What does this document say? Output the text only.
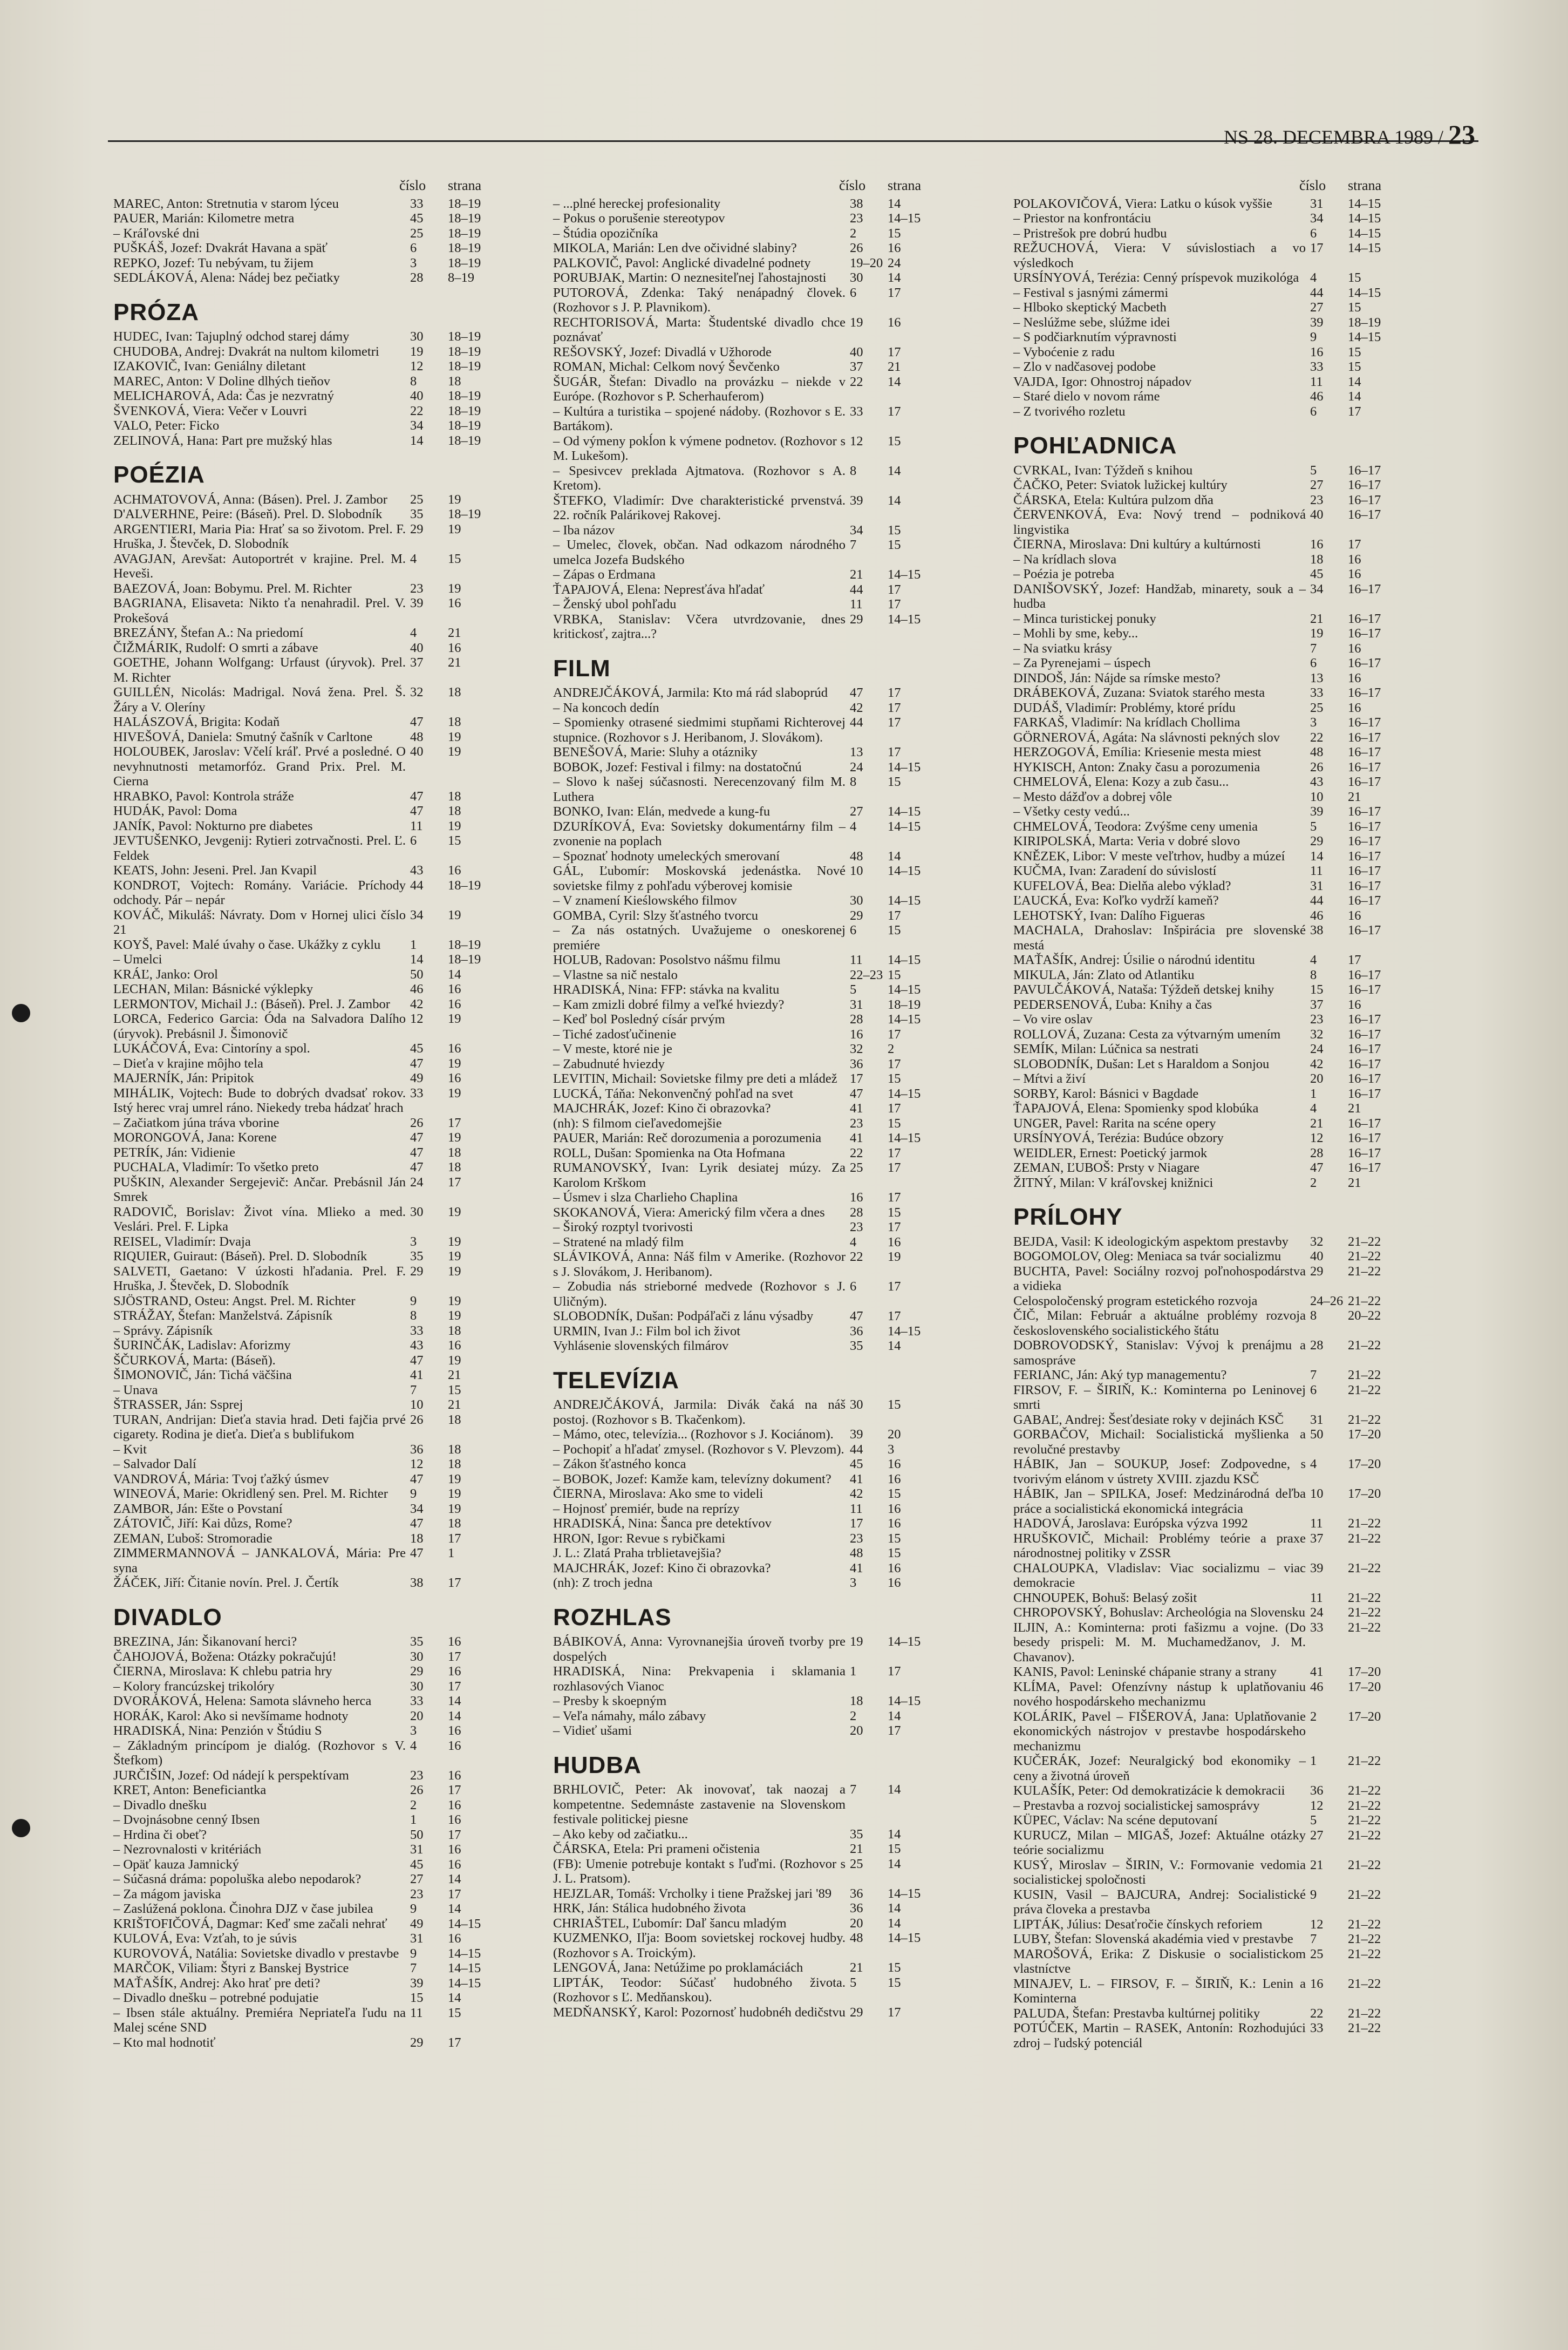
NS 28. DECEMBRA 1989 / 23
číslo	strana
MAREC, Anton: Stretnutia v starom lýceu	33	18–19
PAUER, Marián: Kilometre metra	45	18–19
– Kráľovské dni	25	18–19
PUŠKÁŠ, Jozef: Dvakrát Havana a späť	6	18–19
REPKO, Jozef: Tu nebývam, tu žijem	3	18–19
SEDLÁKOVÁ, Alena: Nádej bez pečiatky	28	8–19
PRÓZA
HUDEC, Ivan: Tajuplný odchod starej dámy	30	18–19
CHUDOBA, Andrej: Dvakrát na nultom kilometri	19	18–19
IZAKOVIČ, Ivan: Geniálny diletant	12	18–19
MAREC, Anton: V Doline dlhých tieňov	8	18
MELICHAROVÁ, Ada: Čas je nezvratný	40	18–19
ŠVENKOVÁ, Viera: Večer v Louvri	22	18–19
VALO, Peter: Ficko	34	18–19
ZELINOVÁ, Hana: Part pre mužský hlas	14	18–19
POÉZIA
ACHMATOVOVÁ, Anna: (Básen). Prel. J. Zambor	25	19
D'ALVERHNE, Peire: (Báseň). Prel. D. Slobodník	35	18–19
ARGENTIERI, Maria Pia: Hrať sa so životom. Prel. F. Hruška, J. Števček, D. Slobodník
29	19
AVAGJAN, Arevšat: Autoportrét v krajine. Prel. M. Heveši.
4	15
BAEZOVÁ, Joan: Bobymu. Prel. M. Richter	23	19
BAGRIANA, Elisaveta: Nikto ťa nenahradil. Prel. V. Prokešová
39	16
BREZÁNY, Štefan A.: Na priedomí	4	21
ČIŽMÁRIK, Rudolf: O smrti a zábave	40	16
GOETHE, Johann Wolfgang: Urfaust (úryvok). Prel. M. Richter
37	21
GUILLÉN, Nicolás: Madrigal. Nová žena. Prel. Š. Žáry a V. Oleríny
32	18
HALÁSZOVÁ, Brigita: Kodaň	47	18
HIVEŠOVÁ, Daniela: Smutný čašník v Carltone	48	19
HOLOUBEK, Jaroslav: Včelí kráľ. Prvé a posledné. O nevyhnutnosti metamorfóz. Grand Prix. Prel. M. Cierna
40	19
HRABKO, Pavol: Kontrola stráže	47	18
HUDÁK, Pavol: Doma	47	18
JANÍK, Pavol: Nokturno pre diabetes	11	19
JEVTUŠENKO, Jevgenij: Rytieri zotrvačnosti. Prel. Ľ. Feldek
6	15
KEATS, John: Jeseni. Prel. Jan Kvapil	43	16
KONDROT, Vojtech: Romány. Variácie. Príchody odchody. Pár – nepár
44	18–19
KOVÁČ, Mikuláš: Návraty. Dom v Hornej ulici číslo 21
34	19
KOYŠ, Pavel: Malé úvahy o čase. Ukážky z cyklu	1	18–19
– Umelci	14	18–19
KRÁĽ, Janko: Orol	50	14
LECHAN, Milan: Básnické výklepky	46	16
LERMONTOV, Michail J.: (Báseň). Prel. J. Zambor	42	16
LORCA, Federico Garcia: Óda na Salvadora Dalího (úryvok). Prebásnil J. Šimonovič
12	19
LUKÁČOVÁ, Eva: Cintoríny a spol.	45	16
– Dieťa v krajine môjho tela	47	19
MAJERNÍK, Ján: Pripitok	49	16
MIHÁLIK, Vojtech: Bude to dobrých dvadsať rokov. Istý herec vraj umrel ráno. Niekedy treba hádzať hrach
33	19
– Začiatkom júna tráva vborine	26	17
MORONGOVÁ, Jana: Korene	47	19
PETRÍK, Ján: Vidienie	47	18
PUCHALA, Vladimír: To všetko preto	47	18
PUŠKIN, Alexander Sergejevič: Ančar. Prebásnil Ján Smrek
24	17
RADOVIČ, Borislav: Život vína. Mlieko a med. Veslári. Prel. F. Lipka
30	19
REISEL, Vladimír: Dvaja	3	19
RIQUIER, Guiraut: (Báseň). Prel. D. Slobodník	35	19
SALVETI, Gaetano: V úzkosti hľadania. Prel. F. Hruška, J. Števček, D. Slobodník
29	19
SJÖSTRAND, Osteu: Angst. Prel. M. Richter	9	19
STRÁŽAY, Štefan: Manželstvá. Zápisník	8	19
– Správy. Zápisník	33	18
ŠURINČÁK, Ladislav: Aforizmy	43	16
ŠČURKOVÁ, Marta: (Báseň).	47	19
ŠIMONOVIČ, Ján: Tichá väčšina	41	21
– Unava	7	15
ŠTRASSER, Ján: Ssprej	10	21
TURAN, Andrijan: Dieťa stavia hrad. Deti fajčia prvé cigarety. Rodina je dieťa. Dieťa s bublifukom
26	18
– Kvit	36	18
– Salvador Dalí	12	18
VANDROVÁ, Mária: Tvoj ťažký úsmev	47	19
WINEOVÁ, Marie: Okridlený sen. Prel. M. Richter	9	19
ZAMBOR, Ján: Ešte o Povstaní	34	19
ZÁTOVIČ, Jiří: Kai důzs, Rome?	47	18
ZEMAN, Ľuboš: Stromoradie	18	17
ZIMMERMANNOVÁ – JANKALOVÁ, Mária: Pre syna
47	1
ŽÁČEK, Jiří: Čitanie novín. Prel. J. Čertík	38	17
DIVADLO
BREZINA, Ján: Šikanovaní herci?	35	16
ČAHOJOVÁ, Božena: Otázky pokračujú!	30	17
ČIERNA, Miroslava: K chlebu patria hry	29	16
– Kolory francúzskej trikolóry	30	17
DVORÁKOVÁ, Helena: Samota slávneho herca	33	14
HORÁK, Karol: Ako si nevšímame hodnoty	20	14
HRADISKÁ, Nina: Penzión v Štúdiu S	3	16
– Základným princípom je dialóg. (Rozhovor s V. Štefkom)
4	16
JURČIŠIN, Jozef: Od nádejí k perspektívam	23	16
KRET, Anton: Beneficiantka	26	17
– Divadlo dnešku	2	16
– Dvojnásobne cenný Ibsen	1	16
– Hrdina či obeť?	50	17
– Nezrovnalosti v kritériách	31	16
– Opäť kauza Jamnický	45	16
– Súčasná dráma: popoluška alebo nepodarok?	27	14
– Za mágom javiska	23	17
– Zaslúžená poklona. Činohra DJZ v čase jubilea	9	14
KRIŠTOFIČOVÁ, Dagmar: Keď sme začali nehrať	49	14–15
KULOVÁ, Eva: Vzťah, to je súvis	31	16
KUROVOVÁ, Natália: Sovietske divadlo v prestavbe 9	14–15
MARČOK, Viliam: Štyri z Banskej Bystrice	7	14–15
MAŤAŠÍK, Andrej: Ako hrať pre deti?	39	14–15
– Divadlo dnešku – potrebné podujatie	15	14
– Ibsen stále aktuálny. Premiéra Nepriateľa ľudu na Malej scéne SND
11	15
– Kto mal hodnotiť	29	17
číslo	strana
– ...plné hereckej profesionality	38	14
– Pokus o porušenie stereotypov	23	14–15
– Štúdia opozičníka	2	15
MIKOLA, Marián: Len dve očividné slabiny?	26	16
PALKOVIČ, Pavol: Anglické divadelné podnety	19–20 24
PORUBJAK, Martin: O neznesiteľnej ľahostajnosti	30	14
PUTOROVÁ, Zdenka: Taký nenápadný človek. (Rozhovor s J. P. Plavnikom).
6	17
RECHTORISOVÁ, Marta: Študentské divadlo chce poznávať
19	16
REŠOVSKÝ, Jozef: Divadlá v Užhorode	40	17
ROMAN, Michal: Celkom nový Ševčenko	37	21
ŠUGÁR, Štefan: Divadlo na provázku – niekde v Európe. (Rozhovor s P. Scherhauferom)
22	14
– Kultúra a turistika – spojené nádoby. (Rozhovor s E. Bartákom).
33	17
– Od výmeny pokĺon k výmene podnetov. (Rozhovor s M. Lukešom).
12	15
– Spesivcev preklada Ajtmatova. (Rozhovor s A. Kretom).
8	14
ŠTEFKO, Vladimír: Dve charakteristické prvenstvá. 22. ročník Palárikovej Rakovej.
39	14
– Iba názov	34	15
– Umelec, človek, občan. Nad odkazom národného umelca Jozefa Budského
7	15
– Zápas o Erdmana	21	14–15
ŤAPAJOVÁ, Elena: Nepresťáva hľadať	44	17
– Ženský ubol pohľadu	11	17
VRBKA, Stanislav: Včera utvrdzovanie, dnes kritickosť, zajtra...?
29	14–15
FILM
ANDREJČÁKOVÁ, Jarmila: Kto má rád slaboprúd	47	17
– Na koncoch dedín	42	17
– Spomienky otrasené siedmimi stupňami Richterovej stupnice. (Rozhovor s J. Heribanom, J. Slovákom).
44	17
BENEŠOVÁ, Marie: Sluhy a otázniky	13	17
BOBOK, Jozef: Festival i filmy: na dostatočnú	24	14–15
– Slovo k našej súčasnosti. Nerecenzovaný film M. Luthera
8	15
BONKO, Ivan: Elán, medvede a kung-fu	27	14–15
DZURÍKOVÁ, Eva: Sovietsky dokumentárny film – zvonenie na poplach
4	14–15
– Spoznať hodnoty umeleckých smerovaní	48	14
GÁL, Ľubomír: Moskovská jedenástka. Nové sovietske filmy z pohľadu výberovej komisie
10	14–15
– V znamení Kieślowského filmov	30	14–15
GOMBA, Cyril: Slzy šťastného tvorcu	29	17
– Za nás ostatných. Uvažujeme o oneskorenej premiére
6	15
HOLUB, Radovan: Posolstvo nášmu filmu	11	14–15
– Vlastne sa nič nestalo	22–23 15
HRADISKÁ, Nina: FFP: stávka na kvalitu	5	14–15
– Kam zmizli dobré filmy a veľké hviezdy?	31	18–19
– Keď bol Posledný císár prvým	28	14–15
– Tiché zadosťučinenie	16	17
– V meste, ktoré nie je	32	2
– Zabudnuté hviezdy	36	17
LEVITIN, Michail: Sovietske filmy pre deti a mládež 17	15
LUCKÁ, Táňa: Nekonvenčný pohľad na svet	47	14–15
MAJCHRÁK, Jozef: Kino či obrazovka?	41	17
(nh): S filmom cieľavedomejšie	23	15
PAUER, Marián: Reč dorozumenia a porozumenia	41	14–15
ROLL, Dušan: Spomienka na Ota Hofmana	22	17
RUMANOVSKÝ, Ivan: Lyrik desiatej múzy. Za Karolom Krškom
25	17
– Úsmev i slza Charlieho Chaplina	16	17
SKOKANOVÁ, Viera: Americký film včera a dnes	28	15
– Široký rozptyl tvorivosti	23	17
– Stratené na mladý film	4	16
SLÁVIKOVÁ, Anna: Náš film v Amerike. (Rozhovor s J. Slovákom, J. Heribanom).
22	19
– Zobudia nás strieborné medvede (Rozhovor s J. Uličným).
6	17
SLOBODNÍK, Dušan: Podpáľači z lánu výsadby	47	17
URMIN, Ivan J.: Film bol ich život	36	14–15
Vyhlásenie slovenských filmárov	35	14
TELEVÍZIA
ANDREJČÁKOVÁ, Jarmila: Divák čaká na náš postoj. (Rozhovor s B. Tkačenkom).
30	15
– Mámo, otec, televízia... (Rozhovor s J. Kociánom).	39	20
– Pochopiť a hľadať zmysel. (Rozhovor s V. Plevzom). 44	3
– Zákon šťastného konca	45	16
– BOBOK, Jozef: Kamže kam, televízny dokument?	41	16
ČIERNA, Miroslava: Ako sme to videli	42	15
– Hojnosť premiér, bude na reprízy	11	16
HRADISKÁ, Nina: Šanca pre detektívov	17	16
HRON, Igor: Revue s rybičkami	23	15
J. L.: Zlatá Praha trblietavejšia?	48	15
MAJCHRÁK, Jozef: Kino či obrazovka?	41	16
(nh): Z troch jedna	3	16
ROZHLAS
BÁBIKOVÁ, Anna: Vyrovnanejšia úroveň tvorby pre dospelých
19	14–15
HRADISKÁ, Nina: Prekvapenia i sklamania rozhlasových Vianoc
1	17
– Presby k skoepným	18	14–15
– Veľa námahy, málo zábavy	2	14
– Vidieť ušami	20	17
HUDBA
BRHLOVIČ, Peter: Ak inovovať, tak naozaj a kompetentne. Sedemnáste zastavenie na Slovenskom festivale politickej piesne
7	14
– Ako keby od začiatku...	35	14
ČÁRSKA, Etela: Pri prameni očistenia	21	15
(FB): Umenie potrebuje kontakt s ľuďmi. (Rozhovor s J. L. Pratsom).
25	14
HEJZLAR, Tomáš: Vrcholky i tiene Pražskej jari '89	36	14–15
HRK, Ján: Stálica hudobného života	36	14
CHRIAŠTEL, Ľubomír: Daľ šancu mladým	20	14
KUZMENKO, Iľja: Boom sovietskej rockovej hudby. (Rozhovor s A. Troickým).
48	14–15
LENGOVÁ, Jana: Netúžime po proklamáciách	21	15
LIPTÁK, Teodor: Súčasť hudobného života. (Rozhovor s Ľ. Medňanskou).
5	15
MEDŇANSKÝ, Karol: Pozornosť hudobnéh dedičstvu 29	17
číslo	strana
POLAKOVIČOVÁ, Viera: Latku o kúsok vyššie	31	14–15
– Priestor na konfrontáciu	34	14–15
– Pristrešok pre dobrú hudbu	6	14–15
REŽUCHOVÁ, Viera: V súvislostiach a vo výsledkoch
17	14–15
URSÍNYOVÁ, Terézia: Cenný príspevok muzikológa 4	15
– Festival s jasnými zámermi	44	14–15
– Hlboko skeptický Macbeth	27	15
– Neslúžme sebe, slúžme idei	39	18–19
– S podčiarknutím výpravnosti	9	14–15
– Vyboćenie z radu	16	15
– Zlo v nadčasovej podobe	33	15
VAJDA, Igor: Ohnostroj nápadov	11	14
– Staré dielo v novom ráme	46	14
– Z tvorivého rozletu	6	17
POHĽADNICA
CVRKAL, Ivan: Týždeň s knihou	5	16–17
ČAČKO, Peter: Sviatok lužickej kultúry	27	16–17
ČÁRSKA, Etela: Kultúra pulzom dňa	23	16–17
ČERVENKOVÁ, Eva: Nový trend – podniková lingvistika
40	16–17
ČIERNA, Miroslava: Dni kultúry a kultúrnosti	16	17
– Na krídlach slova	18	16
– Poézia je potreba	45	16
DANIŠOVSKÝ, Jozef: Handžab, minarety, souk a – hudba
34	16–17
– Minca turistickej ponuky	21	16–17
– Mohli by sme, keby...	19	16–17
– Na sviatku krásy	7	16
– Za Pyrenejami – úspech	6	16–17
DINDOŠ, Ján: Nájde sa rímske mesto?	13	16
DRÁBEKOVÁ, Zuzana: Sviatok starého mesta	33	16–17
DUDÁŠ, Vladimír: Problémy, ktoré prídu	25	16
FARKAŠ, Vladimír: Na krídlach Chollima	3	16–17
GÖRNEROVÁ, Agáta: Na slávnosti pekných slov	22	16–17
HERZOGOVÁ, Emília: Kriesenie mesta miest	48	16–17
HYKISCH, Anton: Znaky času a porozumenia	26	16–17
CHMELOVÁ, Elena: Kozy a zub času...	43	16–17
– Mesto dážďov a dobrej vôle	10	21
– Všetky cesty vedú...	39	16–17
CHMELOVÁ, Teodora: Zvýšme ceny umenia	5	16–17
KIRIPOLSKÁ, Marta: Veria v dobré slovo	29	16–17
KNĚZEK, Libor: V meste veľtrhov, hudby a múzeí	14	16–17
KUČMA, Ivan: Zaradení do súvislostí	11	16–17
KUFELOVÁ, Bea: Dielňa alebo výklad?	31	16–17
ĽAUCKÁ, Eva: Koľko vydrží kameň?	44	16–17
LEHOTSKÝ, Ivan: Dalího Figueras	46	16
MACHALA, Drahoslav: Inšpirácia pre slovenské mestá
38	16–17
MAŤAŠÍK, Andrej: Úsilie o národnú identitu	4	17
MIKULA, Ján: Zlato od Atlantiku	8	16–17
PAVULČÁKOVÁ, Nataša: Týždeň detskej knihy	15	16–17
PEDERSENOVÁ, Ľuba: Knihy a čas	37	16
– Vo vire oslav	23	16–17
ROLLOVÁ, Zuzana: Cesta za výtvarným umením	32	16–17
SEMÍK, Milan: Lúčnica sa nestrati	24	16–17
SLOBODNÍK, Dušan: Let s Haraldom a Sonjou	42	16–17
– Mŕtvi a živí	20	16–17
SORBY, Karol: Básnici v Bagdade	1	16–17
ŤAPAJOVÁ, Elena: Spomienky spod klobúka	4	21
UNGER, Pavel: Rarita na scéne opery	21	16–17
URSÍNYOVÁ, Terézia: Budúce obzory	12	16–17
WEIDLER, Ernest: Poetický jarmok	28	16–17
ZEMAN, ĽUBOŠ: Prsty v Niagare	47	16–17
ŽITNÝ, Milan: V kráľovskej knižnici	2	21
PRÍLOHY
BEJDA, Vasil: K ideologickým aspektom prestavby	32	21–22
BOGOMOLOV, Oleg: Meniaca sa tvár socializmu	40	21–22
BUCHTA, Pavel: Sociálny rozvoj poľnohospodárstva a vidieka
29	21–22
Celospoločenský program estetického rozvoja	24–26 21–22
ČIČ, Milan: Február a aktuálne problémy rozvoja československého socialistického štátu
8	20–22
DOBROVODSKÝ, Stanislav: Vývoj k prenájmu a samospráve
28	21–22
FERIANC, Ján: Aký typ managementu?	7	21–22
FIRSOV, F. – ŠIRIŇ, K.: Kominterna po Leninovej smrti
6	21–22
GABAĽ, Andrej: Šesťdesiate roky v dejinách KSČ	31	21–22
GORBAČOV, Michail: Socialistická myšlienka a revolučné prestavby
50	17–20
HÁBIK, Jan – SOUKUP, Josef: Zodpovedne, s tvorivým elánom v ústrety XVIII. zjazdu KSČ
4	17–20
HÁBIK, Jan – SPILKA, Josef: Medzinárodná deľba práce a socialistická ekonomická integrácia
10	17–20
HADOVÁ, Jaroslava: Európska výzva 1992	11	21–22
HRUŠKOVIČ, Michail: Problémy teórie a praxe národnostnej politiky v ZSSR
37	21–22
CHALOUPKA, Vladislav: Viac socializmu – viac demokracie
39	21–22
CHNOUPEK, Bohuš: Belasý zošit	11	21–22
CHROPOVSKÝ, Bohuslav: Archeológia na Slovensku 24	21–22
ILJIN, A.: Kominterna: proti fašizmu a vojne. (Do besedy prispeli: M. M. Muchamedžanov, J. M. Chavanov).
33	21–22
KANIS, Pavol: Leninské chápanie strany a strany	41	17–20
KLÍMA, Pavel: Ofenzívny nástup k uplatňovaniu nového hospodárskeho mechanizmu
46	17–20
KOLÁRIK, Pavel – FIŠEROVÁ, Jana: Uplatňovanie ekonomických nástrojov v prestavbe hospodárskeho mechanizmu
2	17–20
KUČERÁK, Jozef: Neuralgický bod ekonomiky – ceny a životná úroveň
1	21–22
KULAŠÍK, Peter: Od demokratizácie k demokracii	36	21–22
– Prestavba a rozvoj socialistickej samosprávy	12	21–22
KÜPEC, Václav: Na scéne deputovaní	5	21–22
KURUCZ, Milan – MIGAŠ, Jozef: Aktuálne otázky teórie socializmu
27	21–22
KUSÝ, Miroslav – ŠIRIN, V.: Formovanie vedomia socialistickej spoločnosti
21	21–22
KUSIN, Vasil – BAJCURA, Andrej: Socialistické práva človeka a prestavba
9	21–22
LIPTÁK, Július: Desaťročie čínskych reforiem	12	21–22
LUBY, Štefan: Slovenská akadémia vied v prestavbe	7	21–22
MAROŠOVÁ, Erika: Z Diskusie o socialistickom vlastníctve
25	21–22
MINAJEV, L. – FIRSOV, F. – ŠIRIŇ, K.: Lenin a Kominterna
16	21–22
PALUDA, Štefan: Prestavba kultúrnej politiky	22	21–22
POTÚČEK, Martin – RASEK, Antonín: Rozhodujúci zdroj – ľudský potenciál
33	21–22
